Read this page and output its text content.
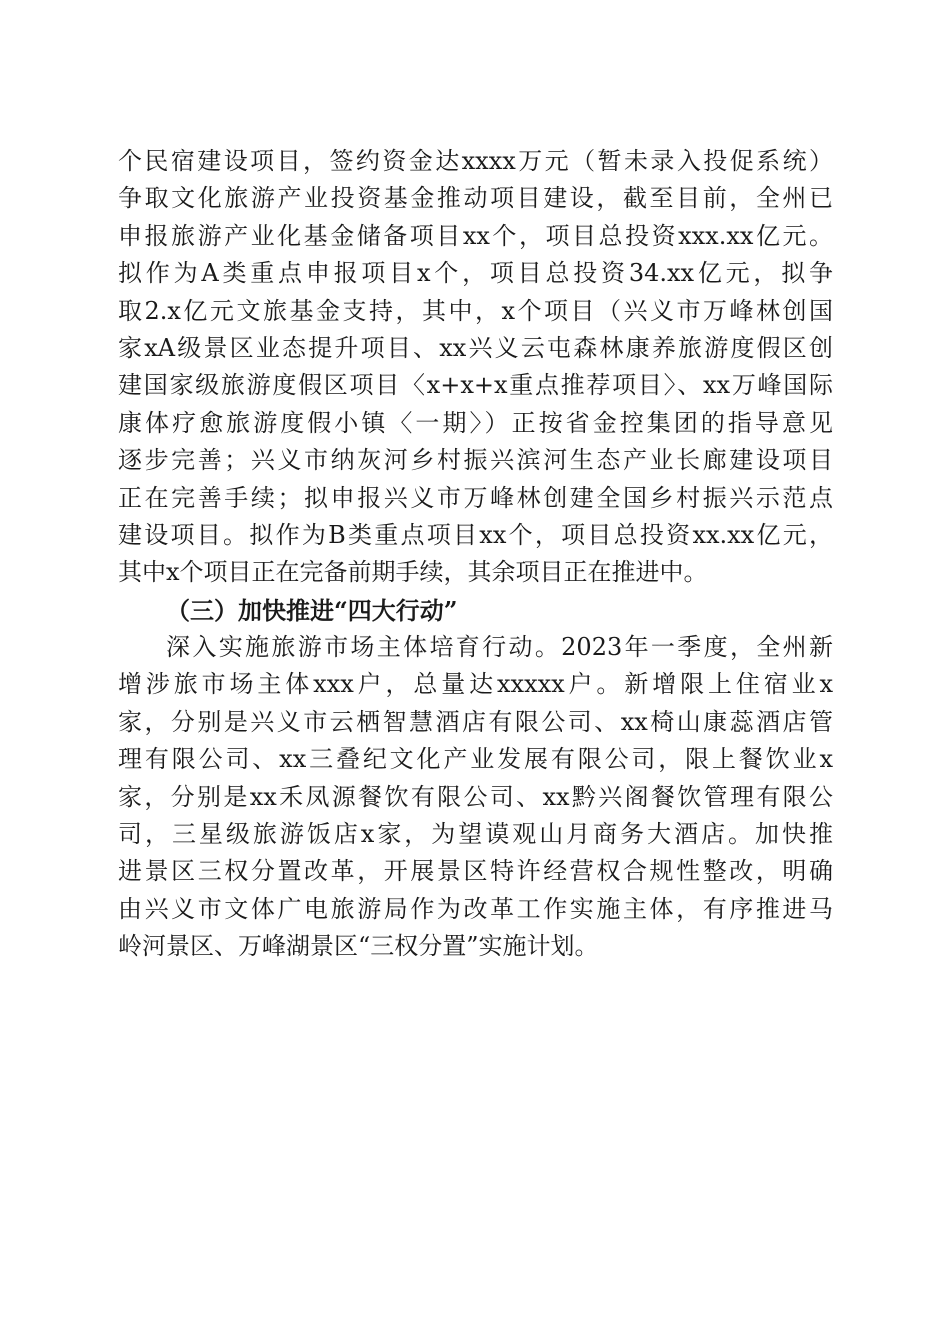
个民宿建设项目，签约资金达xxxx万元（暂未录入投促系统）
争取文化旅游产业投资基金推动项目建设，截至目前，全州已
申报旅游产业化基金储备项目xx个，项目总投资xxx.xx亿元。
拟作为A类重点申报项目x个，项目总投资34.xx亿元，拟争
取2.x亿元文旅基金支持，其中，x个项目（兴义市万峰林创国
家xA级景区业态提升项目、xx兴义云屯森林康养旅游度假区创
建国家级旅游度假区项目〈x+x+x重点推荐项目〉、xx万峰国际
康体疗愈旅游度假小镇〈一期〉）正按省金控集团的指导意见
逐步完善；兴义市纳灰河乡村振兴滨河生态产业长廊建设项目
正在完善手续；拟申报兴义市万峰林创建全国乡村振兴示范点
建设项目。拟作为B类重点项目xx个，项目总投资xx.xx亿元，
其中x个项目正在完备前期手续，其余项目正在推进中。
（三）加快推进“四大行动”
深入实施旅游市场主体培育行动。2023年一季度，全州新
增涉旅市场主体xxx户，总量达xxxxx户。新增限上住宿业x
家，分别是兴义市云栖智慧酒店有限公司、xx椅山康蕊酒店管
理有限公司、xx三叠纪文化产业发展有限公司，限上餐饮业x
家，分别是xx禾凤源餐饮有限公司、xx黔兴阁餐饮管理有限公
司，三星级旅游饭店x家，为望谟观山月商务大酒店。加快推
进景区三权分置改革，开展景区特许经营权合规性整改，明确
由兴义市文体广电旅游局作为改革工作实施主体，有序推进马
岭河景区、万峰湖景区“三权分置”实施计划。
